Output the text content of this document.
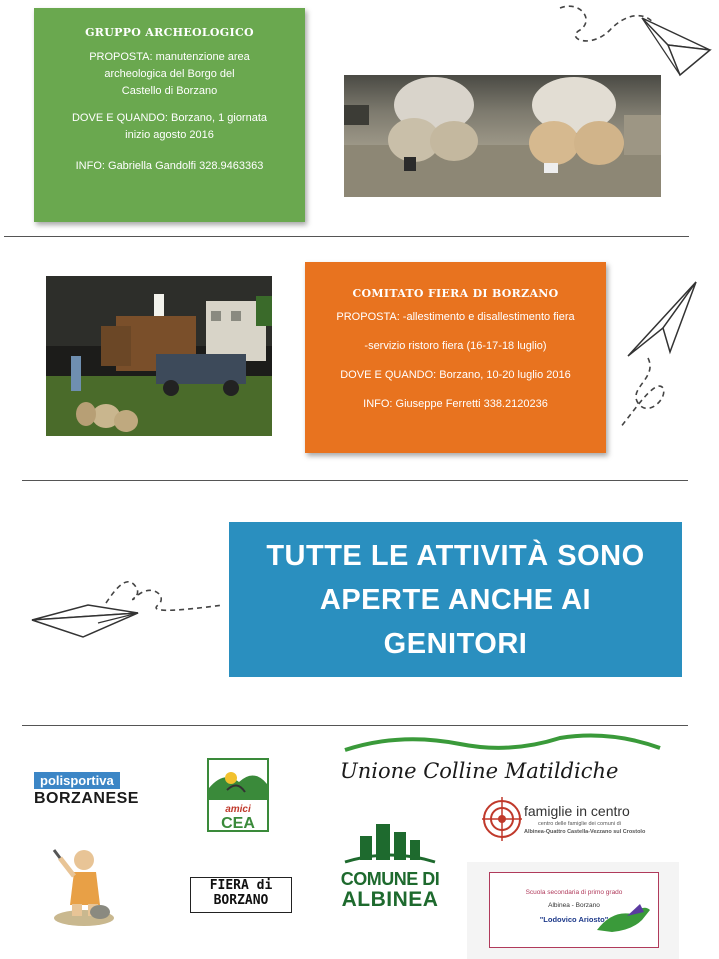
GRUPPO ARCHEOLOGICO
PROPOSTA: manutenzione area
archeologica del Borgo del
Castello di Borzano
DOVE E QUANDO: Borzano, 1 giornata
inizio agosto 2016
INFO: Gabriella Gandolfi 328.9463363
COMITATO FIERA DI BORZANO
PROPOSTA: -allestimento e disallestimento fiera
-servizio ristoro fiera (16-17-18 luglio)
DOVE E QUANDO: Borzano, 10-20 luglio 2016
INFO: Giuseppe Ferretti 338.2120236
TUTTE LE ATTIVITÀ SONO
APERTE ANCHE AI
GENITORI
polisportiva
BORZANESE
amici
CEA
Unione Colline Matildiche
famiglie in centro
centro delle famiglie dei comuni di
Albinea-Quattro Castella-Vezzano sul Crostolo
FIERA di
BORZANO
COMUNE DI
ALBINEA	Scuola secondaria di primo grado
Albinea - Borzano
"Lodovico Ariosto"
